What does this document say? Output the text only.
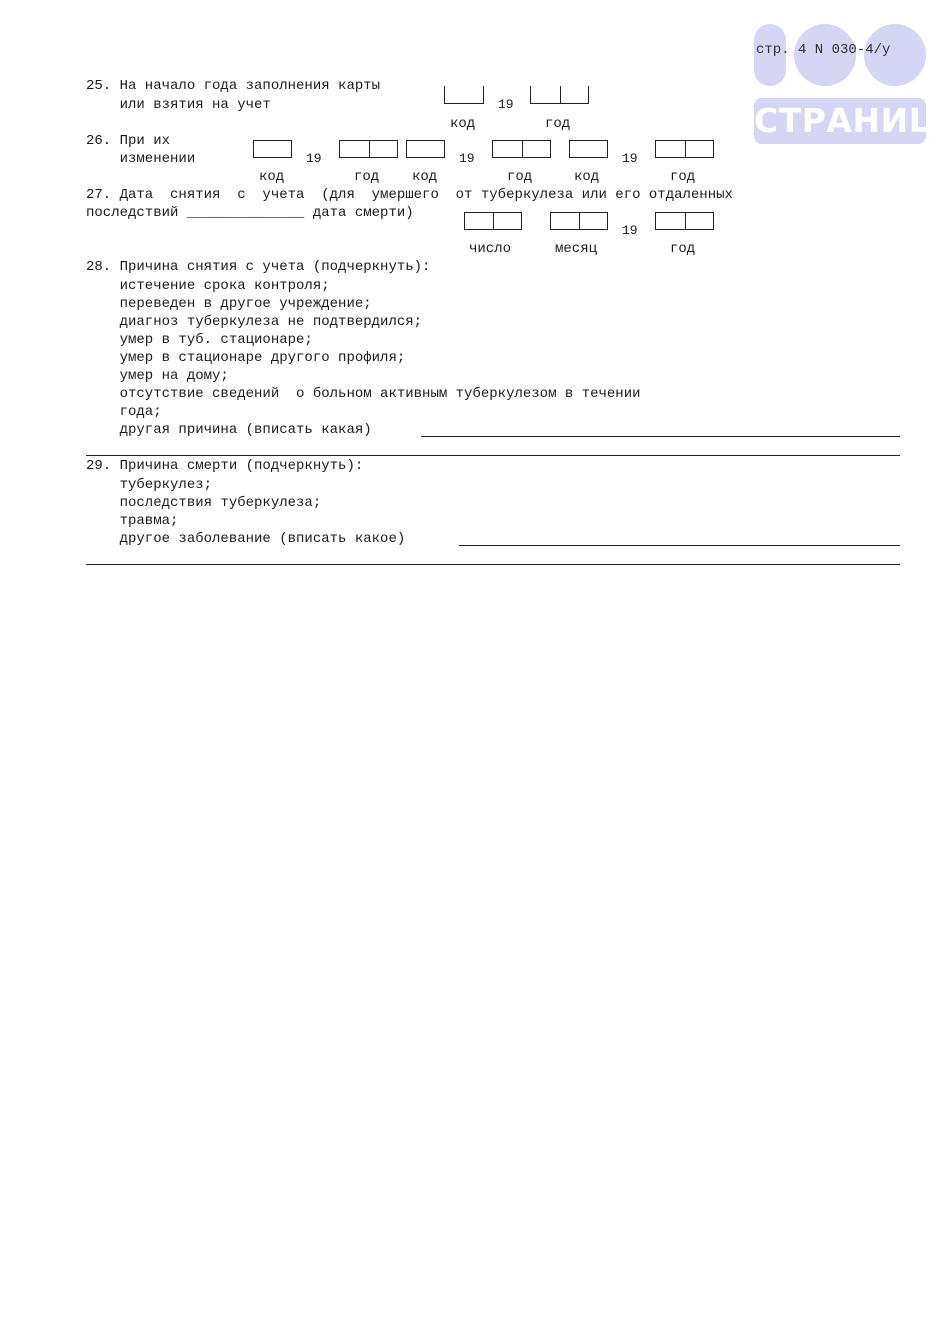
СТРАНИЦ
стр. 4 N 030-4/у
25. На начало года заполнения карты
или взятия на учет	19
код	год
26. При их
изменении	19	19	19
код	год код	год	код	год
27. Дата  снятия  с  учета  (для  умершего  от туберкулеза или его отдаленных
последствий ______________ дата смерти)
19
число	месяц	год
28. Причина снятия с учета (подчеркнуть):
истечение срока контроля;
переведен в другое учреждение;
диагноз туберкулеза не подтвердился;
умер в туб. стационаре;
умер в стационаре другого профиля;
умер на дому;
отсутствие сведений  о больном активным туберкулезом в течении
года;
другая причина (вписать какая)
29. Причина смерти (подчеркнуть):
туберкулез;
последствия туберкулеза;
травма;
другое заболевание (вписать какое)
